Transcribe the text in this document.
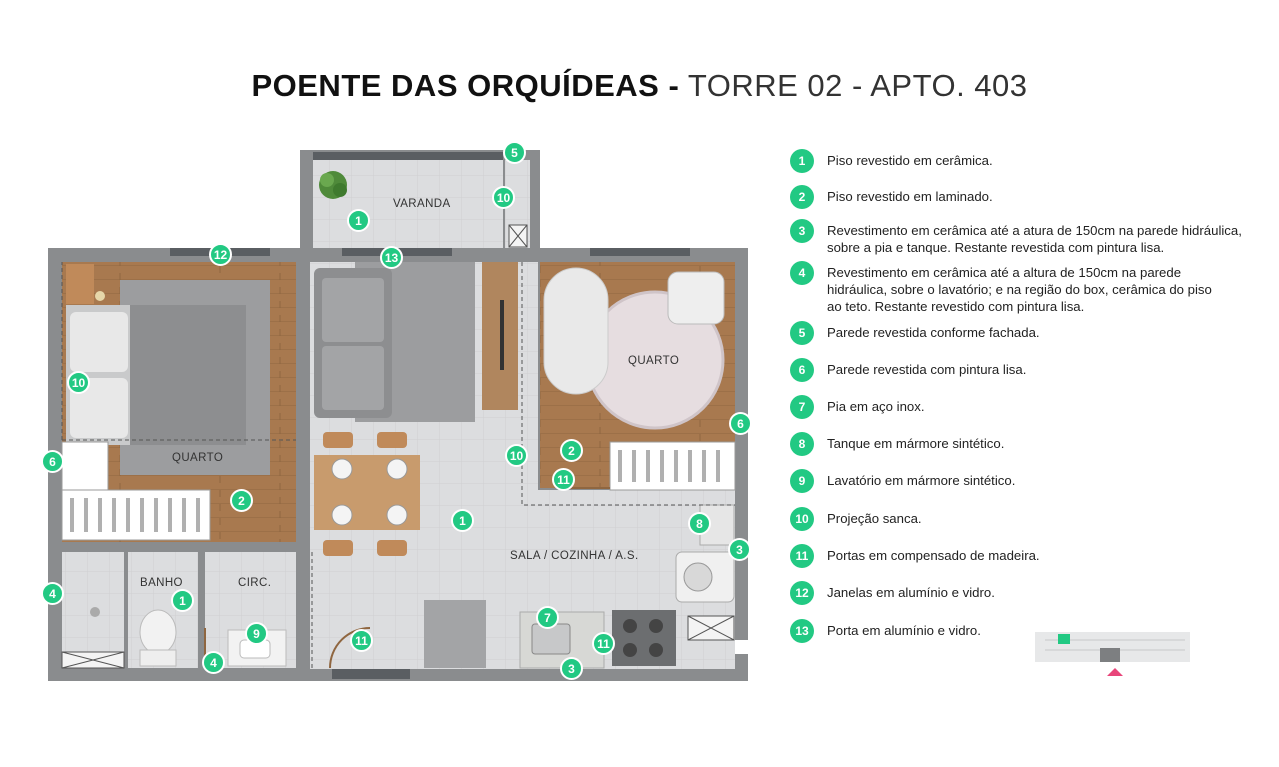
POENTE DAS ORQUÍDEAS - TORRE 02 - APTO. 403
VARANDA
QUARTO
QUARTO
BANHO	CIRC.
SALA / COZINHA / A.S.
5
10
1
12	13
10
6
2
11
2
10
6
1	8
3
4	1
9
4
7
11	11
3
1	Piso revestido em cerâmica.
2	Piso revestido em laminado.
3	Revestimento em cerâmica até a atura de 150cm na parede hidráulica, sobre a pia e tanque. Restante revestida com pintura lisa.
4	Revestimento em cerâmica até a altura de 150cm na parede hidráulica, sobre o lavatório; e na região do box, cerâmica do piso ao teto. Restante revestido com pintura lisa.
5	Parede revestida conforme fachada.
6	Parede revestida com pintura lisa.
7	Pia em aço inox.
8	Tanque em mármore sintético.
9	Lavatório em mármore sintético.
10	Projeção sanca.
11	Portas em compensado de madeira.
12	Janelas em alumínio e vidro.
13	Porta em alumínio e vidro.
